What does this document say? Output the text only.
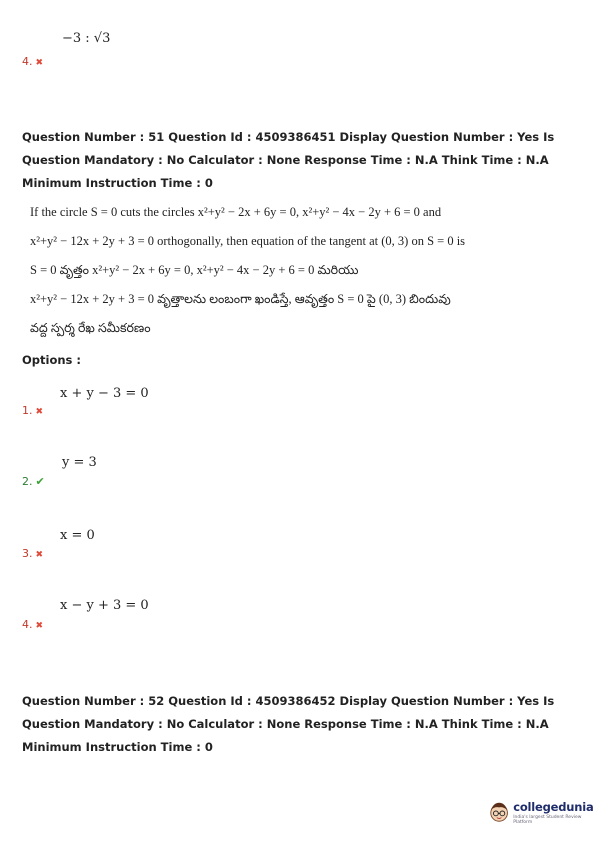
−3 : √3
4. ✖
Question Number : 51 Question Id : 4509386451 Display Question Number : Yes Is Question Mandatory : No Calculator : None Response Time : N.A Think Time : N.A Minimum Instruction Time : 0
If the circle S = 0 cuts the circles x²+y² − 2x + 6y = 0, x²+y² − 4x − 2y + 6 = 0 and
x²+y² − 12x + 2y + 3 = 0 orthogonally, then equation of the tangent at (0, 3) on S = 0 is
S = 0 వృత్తం x²+y² − 2x + 6y = 0, x²+y² − 4x − 2y + 6 = 0 మరియు
x²+y² − 12x + 2y + 3 = 0 వృత్తాలను లంబంగా ఖండిస్తే, ఆవృత్తం S = 0 పై (0, 3) బిందువు
వద్ద స్పర్శ రేఖ సమీకరణం
Options :
x + y − 3 = 0
1. ✖
y = 3
2. ✔
x = 0
3. ✖
x − y + 3 = 0
4. ✖
Question Number : 52 Question Id : 4509386452 Display Question Number : Yes Is Question Mandatory : No Calculator : None Response Time : N.A Think Time : N.A Minimum Instruction Time : 0
collegedunia
India's largest Student Review Platform
